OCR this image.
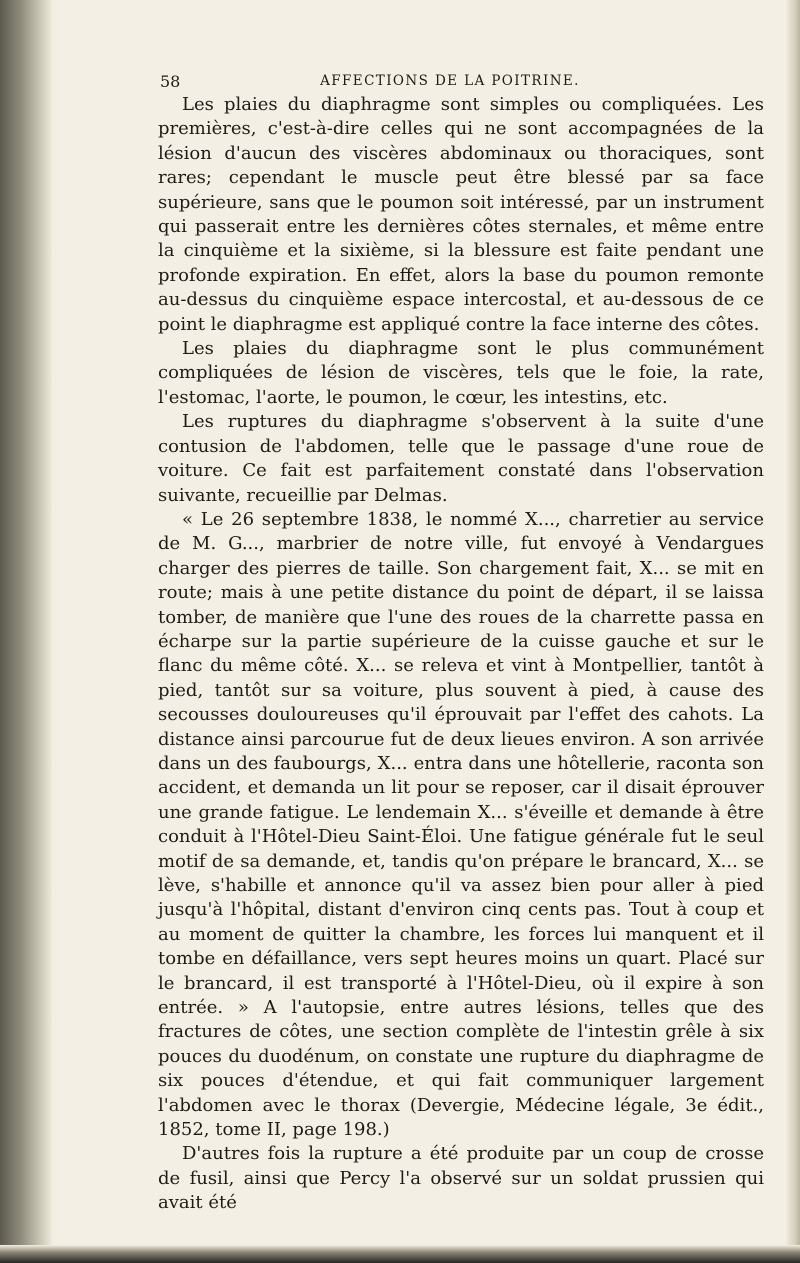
58	AFFECTIONS DE LA POITRINE.

Les plaies du diaphragme sont simples ou compliquées. Les premières, c'est-à-dire celles qui ne sont accompagnées de la lésion d'aucun des viscères abdominaux ou thoraciques, sont rares; cependant le muscle peut être blessé par sa face supérieure, sans que le poumon soit intéressé, par un instrument qui passerait entre les dernières côtes sternales, et même entre la cinquième et la sixième, si la blessure est faite pendant une profonde expiration. En effet, alors la base du poumon remonte au-dessus du cinquième espace intercostal, et au-dessous de ce point le diaphragme est appliqué contre la face interne des côtes.

Les plaies du diaphragme sont le plus communément compliquées de lésion de viscères, tels que le foie, la rate, l'estomac, l'aorte, le poumon, le cœur, les intestins, etc.

Les ruptures du diaphragme s'observent à la suite d'une contusion de l'abdomen, telle que le passage d'une roue de voiture. Ce fait est parfaitement constaté dans l'observation suivante, recueillie par Delmas.

« Le 26 septembre 1838, le nommé X..., charretier au service de M. G..., marbrier de notre ville, fut envoyé à Vendargues charger des pierres de taille. Son chargement fait, X... se mit en route; mais à une petite distance du point de départ, il se laissa tomber, de manière que l'une des roues de la charrette passa en écharpe sur la partie supérieure de la cuisse gauche et sur le flanc du même côté. X... se releva et vint à Montpellier, tantôt à pied, tantôt sur sa voiture, plus souvent à pied, à cause des secousses douloureuses qu'il éprouvait par l'effet des cahots. La distance ainsi parcourue fut de deux lieues environ. A son arrivée dans un des faubourgs, X... entra dans une hôtellerie, raconta son accident, et demanda un lit pour se reposer, car il disait éprouver une grande fatigue. Le lendemain X... s'éveille et demande à être conduit à l'Hôtel-Dieu Saint-Éloi. Une fatigue générale fut le seul motif de sa demande, et, tandis qu'on prépare le brancard, X... se lève, s'habille et annonce qu'il va assez bien pour aller à pied jusqu'à l'hôpital, distant d'environ cinq cents pas. Tout à coup et au moment de quitter la chambre, les forces lui manquent et il tombe en défaillance, vers sept heures moins un quart. Placé sur le brancard, il est transporté à l'Hôtel-Dieu, où il expire à son entrée. » A l'autopsie, entre autres lésions, telles que des fractures de côtes, une section complète de l'intestin grêle à six pouces du duodénum, on constate une rupture du diaphragme de six pouces d'étendue, et qui fait communiquer largement l'abdomen avec le thorax (Devergie, Médecine légale, 3e édit., 1852, tome II, page 198.)

D'autres fois la rupture a été produite par un coup de crosse de fusil, ainsi que Percy l'a observé sur un soldat prussien qui avait été
